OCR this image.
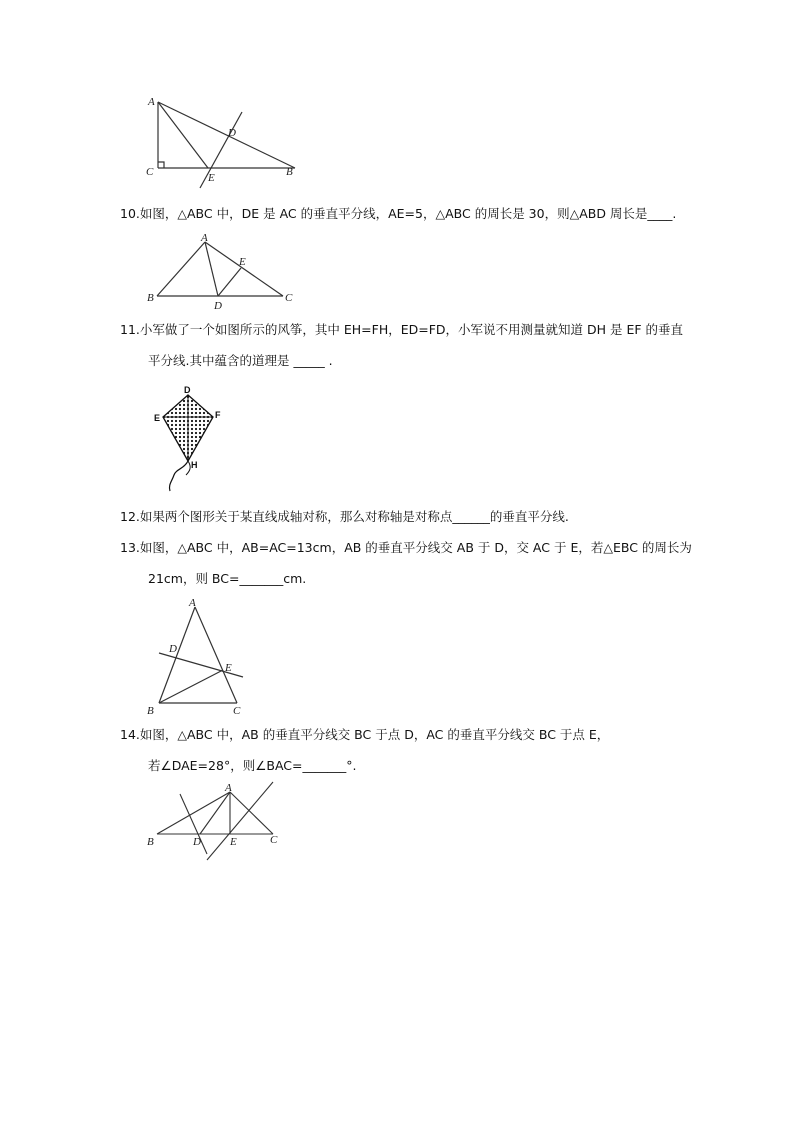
A
C
D
E	B
10.如图，△ABC 中，DE 是 AC 的垂直平分线，AE=5，△ABC 的周长是 30，则△ABD 周长是____.
A
E
B
D
C
11.小军做了一个如图所示的风筝，其中 EH=FH，ED=FD，小军说不用测量就知道 DH 是 EF 的垂直
平分线.其中蕴含的道理是 _____ .
D
E	F
H
12.如果两个图形关于某直线成轴对称，那么对称轴是对称点______的垂直平分线.
13.如图，△ABC 中，AB=AC=13cm，AB 的垂直平分线交 AB 于 D，交 AC 于 E，若△EBC 的周长为
21cm，则 BC=_______cm.
A
D
E
B	C
14.如图，△ABC 中，AB 的垂直平分线交 BC 于点 D，AC 的垂直平分线交 BC 于点 E，
若∠DAE=28°，则∠BAC=_______°.
A
B	D	E	C
